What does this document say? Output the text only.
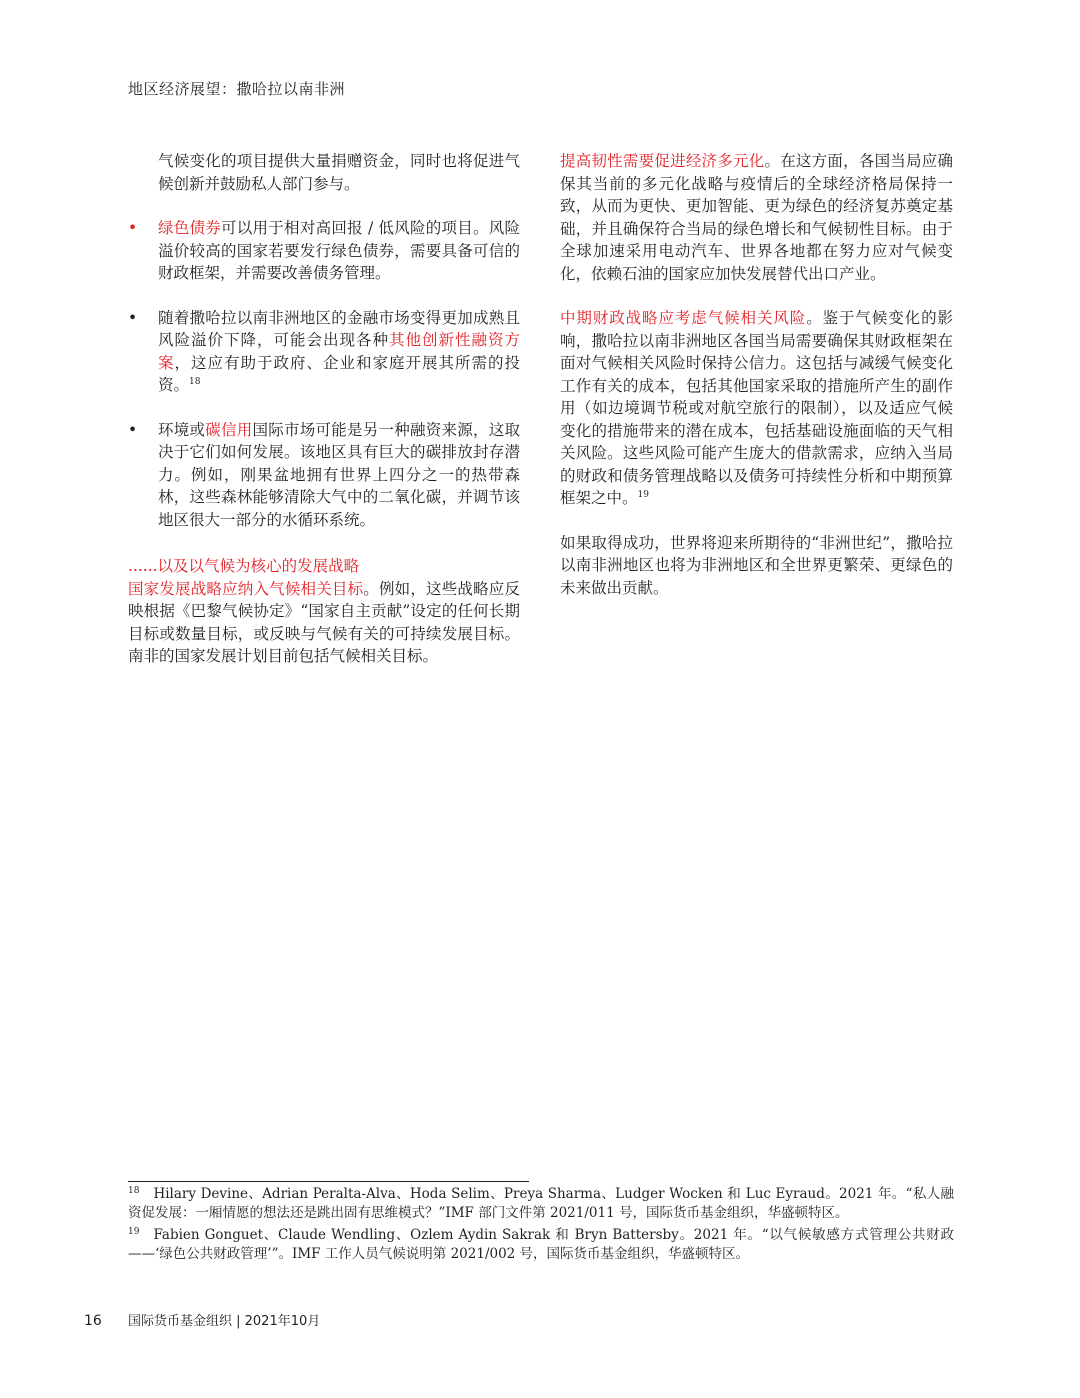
地区经济展望：撒哈拉以南非洲

气候变化的项目提供大量捐赠资金，同时也将促进气候创新并鼓励私人部门参与。

•	绿色债券可以用于相对高回报 / 低风险的项目。风险溢价较高的国家若要发行绿色债券，需要具备可信的财政框架，并需要改善债务管理。
•	随着撒哈拉以南非洲地区的金融市场变得更加成熟且风险溢价下降，可能会出现各种其他创新性融资方案，这应有助于政府、企业和家庭开展其所需的投资。$^{18}$
•	环境或碳信用国际市场可能是另一种融资来源，这取决于它们如何发展。该地区具有巨大的碳排放封存潜力。例如，刚果盆地拥有世界上四分之一的热带森林，这些森林能够清除大气中的二氧化碳，并调节该地区很大一部分的水循环系统。

......以及以气候为核心的发展战略

国家发展战略应纳入气候相关目标。例如，这些战略应反映根据《巴黎气候协定》“国家自主贡献”设定的任何长期目标或数量目标，或反映与气候有关的可持续发展目标。南非的国家发展计划目前包括气候相关目标。

提高韧性需要促进经济多元化。在这方面，各国当局应确保其当前的多元化战略与疫情后的全球经济格局保持一致，从而为更快、更加智能、更为绿色的经济复苏奠定基础，并且确保符合当局的绿色增长和气候韧性目标。由于全球加速采用电动汽车、世界各地都在努力应对气候变化，依赖石油的国家应加快发展替代出口产业。

中期财政战略应考虑气候相关风险。鉴于气候变化的影响，撒哈拉以南非洲地区各国当局需要确保其财政框架在面对气候相关风险时保持公信力。这包括与减缓气候变化工作有关的成本，包括其他国家采取的措施所产生的副作用（如边境调节税或对航空旅行的限制），以及适应气候变化的措施带来的潜在成本，包括基础设施面临的天气相关风险。这些风险可能产生庞大的借款需求，应纳入当局的财政和债务管理战略以及债务可持续性分析和中期预算框架之中。$^{19}$

如果取得成功，世界将迎来所期待的“非洲世纪”，撒哈拉以南非洲地区也将为非洲地区和全世界更繁荣、更绿色的未来做出贡献。

$^{18}$ Hilary Devine、Adrian Peralta-Alva、Hoda Selim、Preya Sharma、Ludger Wocken 和 Luc Eyraud。2021 年。“私人融资促发展：一厢情愿的想法还是跳出固有思维模式？”IMF 部门文件第 2021/011 号，国际货币基金组织，华盛顿特区。
$^{19}$ Fabien Gonguet、Claude Wendling、Ozlem Aydin Sakrak 和 Bryn Battersby。2021 年。“以气候敏感方式管理公共财政——‘绿色公共财政管理’”。IMF 工作人员气候说明第 2021/002 号，国际货币基金组织，华盛顿特区。
16 国际货币基金组织 | 2021年10月
